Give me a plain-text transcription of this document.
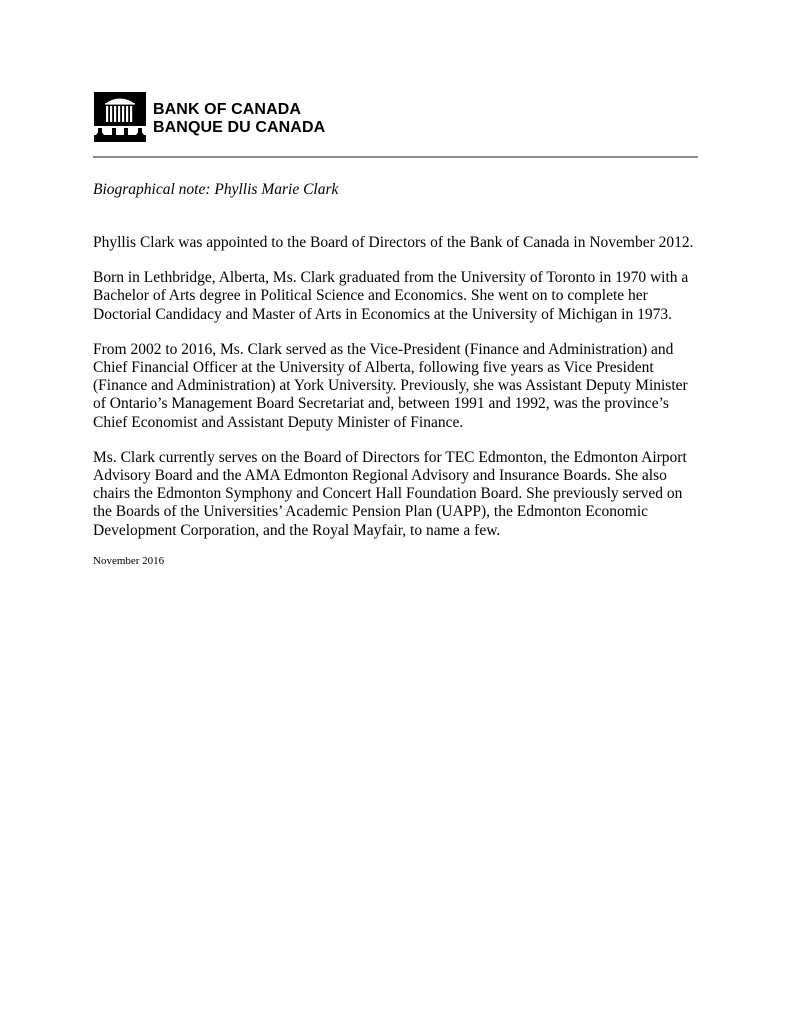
BANK OF CANADA
BANQUE DU CANADA
Biographical note: Phyllis Marie Clark

Phyllis Clark was appointed to the Board of Directors of the Bank of Canada in November 2012.

Born in Lethbridge, Alberta, Ms. Clark graduated from the University of Toronto in 1970 with a
Bachelor of Arts degree in Political Science and Economics. She went on to complete her
Doctorial Candidacy and Master of Arts in Economics at the University of Michigan in 1973.

From 2002 to 2016, Ms. Clark served as the Vice-President (Finance and Administration) and
Chief Financial Officer at the University of Alberta, following five years as Vice President
(Finance and Administration) at York University. Previously, she was Assistant Deputy Minister
of Ontario’s Management Board Secretariat and, between 1991 and 1992, was the province’s
Chief Economist and Assistant Deputy Minister of Finance.

Ms. Clark currently serves on the Board of Directors for TEC Edmonton, the Edmonton Airport
Advisory Board and the AMA Edmonton Regional Advisory and Insurance Boards. She also
chairs the Edmonton Symphony and Concert Hall Foundation Board. She previously served on
the Boards of the Universities’ Academic Pension Plan (UAPP), the Edmonton Economic
Development Corporation, and the Royal Mayfair, to name a few.

November 2016
